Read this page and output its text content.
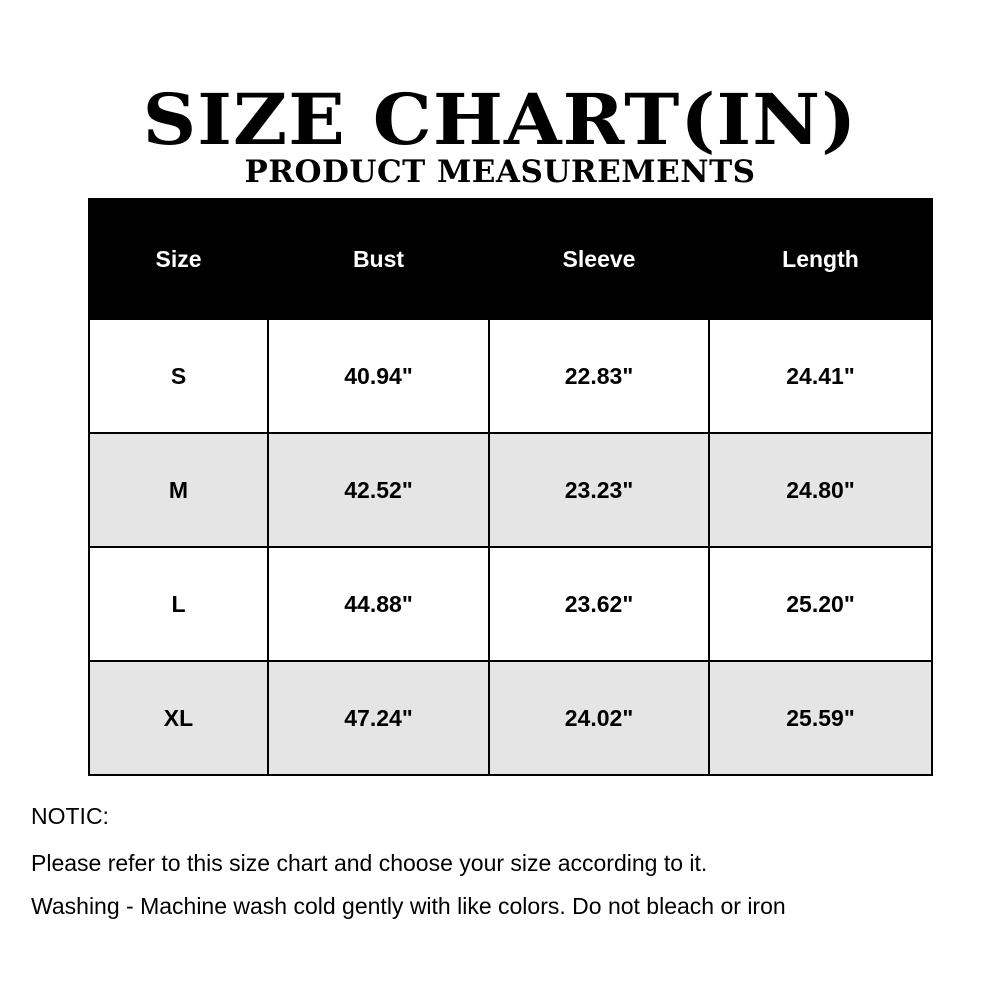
SIZE CHART(IN)
PRODUCT MEASUREMENTS
Size	Bust	Sleeve	Length
S	40.94"	22.83"	24.41"
M	42.52"	23.23"	24.80"
L	44.88"	23.62"	25.20"
XL	47.24"	24.02"	25.59"

NOTIC:

Please refer to this size chart and choose your size according to it.

Washing - Machine wash cold gently with like colors. Do not bleach or iron
